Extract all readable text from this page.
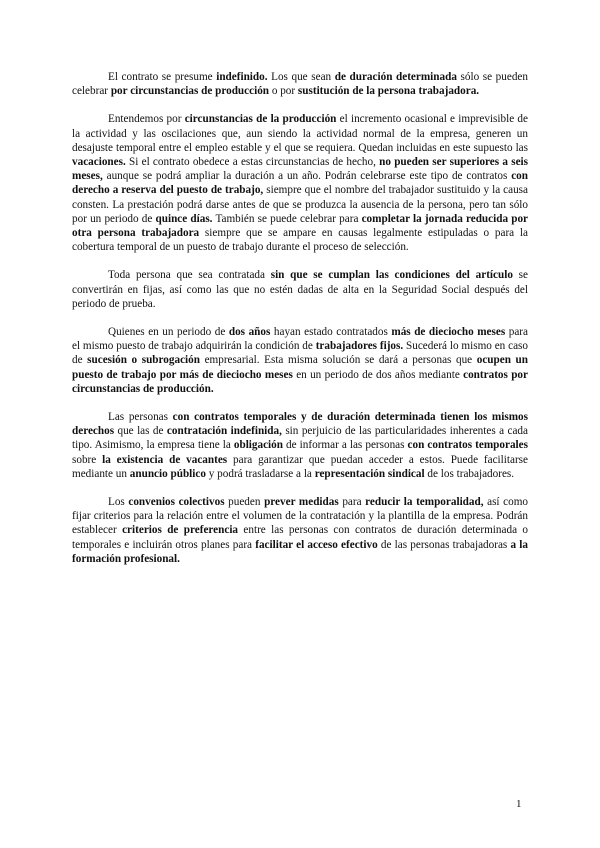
El contrato se presume indefinido. Los que sean de duración determinada sólo se pueden celebrar por circunstancias de producción o por sustitución de la persona trabajadora.

Entendemos por circunstancias de la producción el incremento ocasional e imprevisible de la actividad y las oscilaciones que, aun siendo la actividad normal de la empresa, generen un desajuste temporal entre el empleo estable y el que se requiera. Quedan incluidas en este supuesto las vacaciones. Si el contrato obedece a estas circunstancias de hecho, no pueden ser superiores a seis meses, aunque se podrá ampliar la duración a un año. Podrán celebrarse este tipo de contratos con derecho a reserva del puesto de trabajo, siempre que el nombre del trabajador sustituido y la causa consten. La prestación podrá darse antes de que se produzca la ausencia de la persona, pero tan sólo por un periodo de quince días. También se puede celebrar para completar la jornada reducida por otra persona trabajadora siempre que se ampare en causas legalmente estipuladas o para la cobertura temporal de un puesto de trabajo durante el proceso de selección.

Toda persona que sea contratada sin que se cumplan las condiciones del artículo se convertirán en fijas, así como las que no estén dadas de alta en la Seguridad Social después del periodo de prueba.

Quienes en un periodo de dos años hayan estado contratados más de dieciocho meses para el mismo puesto de trabajo adquirirán la condición de trabajadores fijos. Sucederá lo mismo en caso de sucesión o subrogación empresarial. Esta misma solución se dará a personas que ocupen un puesto de trabajo por más de dieciocho meses en un periodo de dos años mediante contratos por circunstancias de producción.

Las personas con contratos temporales y de duración determinada tienen los mismos derechos que las de contratación indefinida, sin perjuicio de las particularidades inherentes a cada tipo. Asimismo, la empresa tiene la obligación de informar a las personas con contratos temporales sobre la existencia de vacantes para garantizar que puedan acceder a estos. Puede facilitarse mediante un anuncio público y podrá trasladarse a la representación sindical de los trabajadores.

Los convenios colectivos pueden prever medidas para reducir la temporalidad, así como fijar criterios para la relación entre el volumen de la contratación y la plantilla de la empresa. Podrán establecer criterios de preferencia entre las personas con contratos de duración determinada o temporales e incluirán otros planes para facilitar el acceso efectivo de las personas trabajadoras a la formación profesional.

1
